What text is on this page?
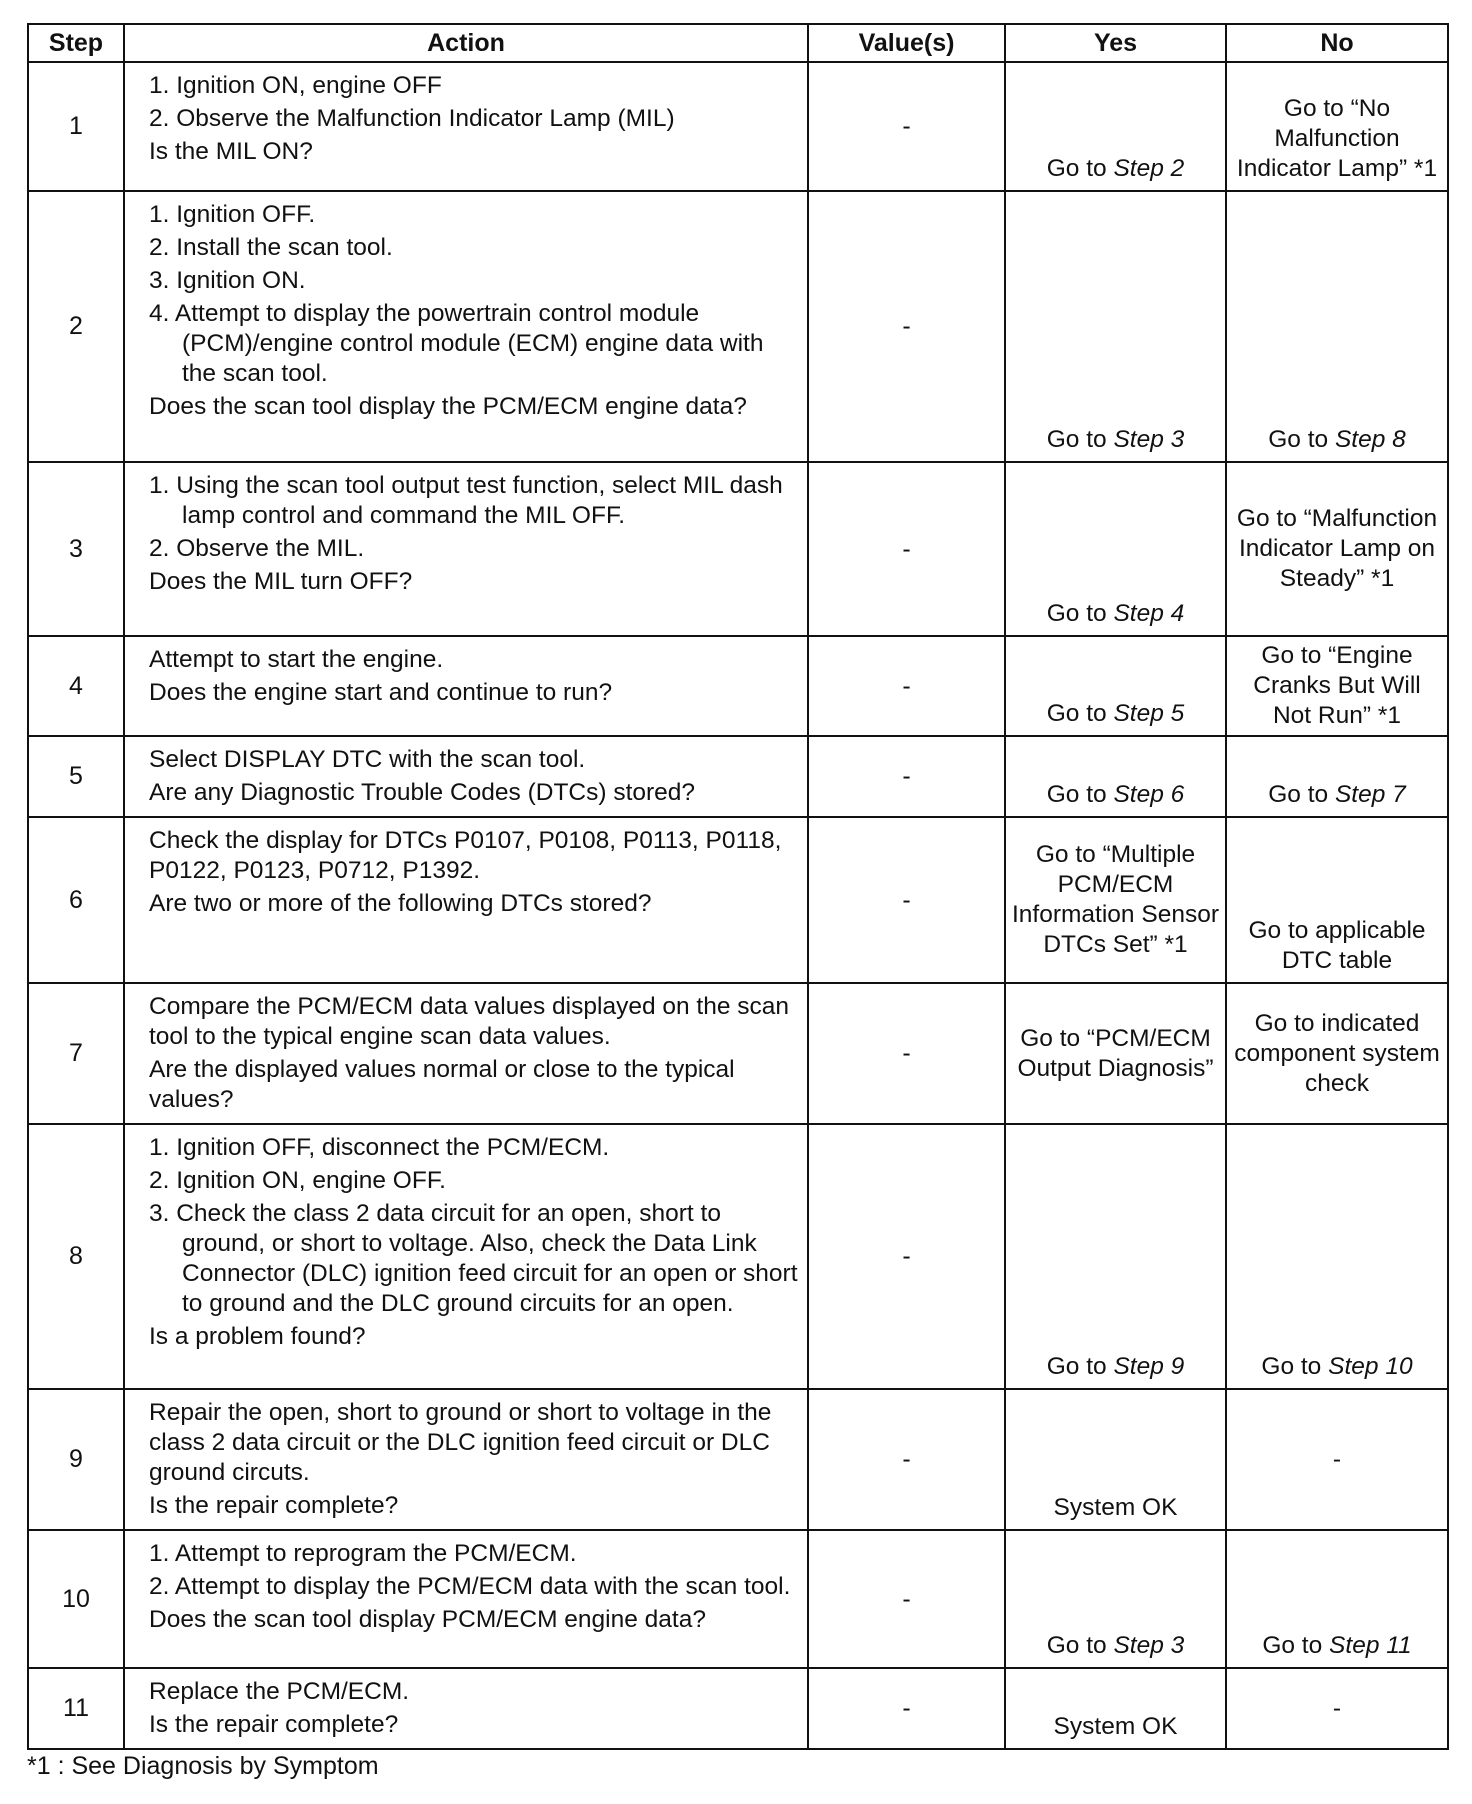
Step	Action	Value(s)	Yes	No
1	1. Ignition ON, engine OFF
2. Observe the Malfunction Indicator Lamp (MIL)
Is the MIL ON?	-	Go to Step 2	Go to “No Malfunction Indicator Lamp” *1
2	1. Ignition OFF.
2. Install the scan tool.
3. Ignition ON.
4. Attempt to display the powertrain control module (PCM)/engine control module (ECM) engine data with the scan tool.
Does the scan tool display the PCM/ECM engine data?	-	Go to Step 3	Go to Step 8
3	1. Using the scan tool output test function, select MIL dash lamp control and command the MIL OFF.
2. Observe the MIL.
Does the MIL turn OFF?	-	Go to Step 4	Go to “Malfunction Indicator Lamp on Steady” *1
4	Attempt to start the engine.
Does the engine start and continue to run?	-	Go to Step 5	Go to “Engine Cranks But Will Not Run” *1
5	Select DISPLAY DTC with the scan tool.
Are any Diagnostic Trouble Codes (DTCs) stored?	-	Go to Step 6	Go to Step 7
6	Check the display for DTCs P0107, P0108, P0113, P0118, P0122, P0123, P0712, P1392.
Are two or more of the following DTCs stored?	-	Go to “Multiple PCM/ECM Information Sensor DTCs Set” *1	Go to applicable DTC table
7	Compare the PCM/ECM data values displayed on the scan tool to the typical engine scan data values.
Are the displayed values normal or close to the typical values?	-	Go to “PCM/ECM Output Diagnosis”	Go to indicated component system check
8	1. Ignition OFF, disconnect the PCM/ECM.
2. Ignition ON, engine OFF.
3. Check the class 2 data circuit for an open, short to ground, or short to voltage. Also, check the Data Link Connector (DLC) ignition feed circuit for an open or short to ground and the DLC ground circuits for an open.
Is a problem found?	-	Go to Step 9	Go to Step 10
9	Repair the open, short to ground or short to voltage in the class 2 data circuit or the DLC ignition feed circuit or DLC ground circuts.
Is the repair complete?	-	System OK	-
10	1. Attempt to reprogram the PCM/ECM.
2. Attempt to display the PCM/ECM data with the scan tool.
Does the scan tool display PCM/ECM engine data?	-	Go to Step 3	Go to Step 11
11	Replace the PCM/ECM.
Is the repair complete?	-	System OK	-
*1 : See Diagnosis by Symptom
